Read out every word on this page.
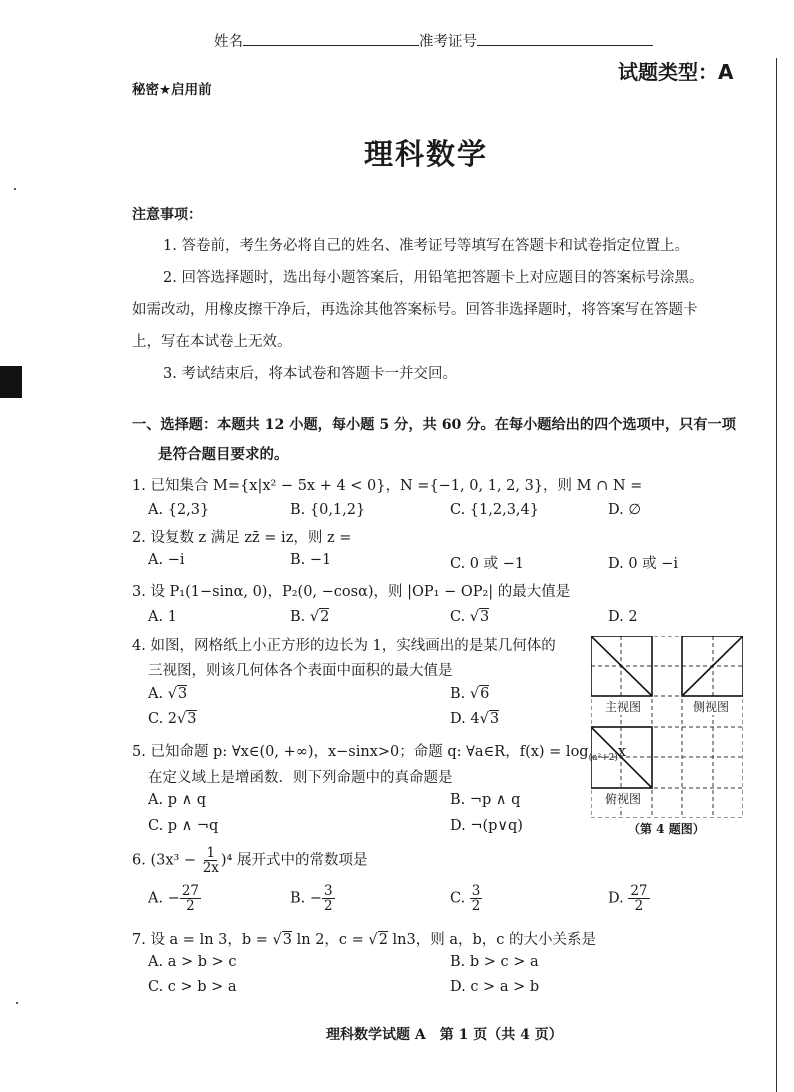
姓名	准考证号
试题类型：A
秘密★启用前
理科数学
注意事项：
1. 答卷前，考生务必将自己的姓名、准考证号等填写在答题卡和试卷指定位置上。
2. 回答选择题时，选出每小题答案后，用铅笔把答题卡上对应题目的答案标号涂黑。
如需改动，用橡皮擦干净后，再选涂其他答案标号。回答非选择题时，将答案写在答题卡
上，写在本试卷上无效。
3. 考试结束后，将本试卷和答题卡一并交回。
一、选择题：本题共 12 小题，每小题 5 分，共 60 分。在每小题给出的四个选项中，只有一项
是符合题目要求的。
1. 已知集合 M={x|x² − 5x + 4 < 0}，N ={−1, 0, 1, 2, 3}，则 M ∩ N =
A. {2,3}	B. {0,1,2}	C. {1,2,3,4}	D. ∅
2. 设复数 z 满足 zz̄ = iz，则 z =
A. −i	B. −1	C. 0 或 −1	D. 0 或 −i
3. 设 P₁(1−sinα, 0)，P₂(0, −cosα)，则 |OP₁ − OP₂| 的最大值是
A. 1	B. √2	C. √3	D. 2
4. 如图，网格纸上小正方形的边长为 1，实线画出的是某几何体的
三视图，则该几何体各个表面中面积的最大值是
A. √3	B. √6
C. 2√3	D. 4√3
主视图	侧视图
俯视图
（第 4 题图）
5. 已知命题 p: ∀x∈(0, +∞)，x−sinx>0；命题 q: ∀a∈R，$f(x) = \log_{(a^2+2)}x$
在定义域上是增函数．则下列命题中的真命题是
A. p ∧ q	B. ¬p ∧ q
C. p ∧ ¬q	D. ¬(p∨q)
6. $(3x^3 - \frac{1}{2x} )^4$ 展开式中的常数项是
A. − $\frac{27}{2}$	B. − $\frac{3}{2}$	C. $\frac{3}{2}$	D. $\frac{27}{2}$
7. 设 a = ln 3，b = √3 ln 2，c = √2 ln3，则 a，b，c 的大小关系是
A. a > b > c	B. b > c > a
C. c > b > a	D. c > a > b
理科数学试题 A　第 1 页（共 4 页）
